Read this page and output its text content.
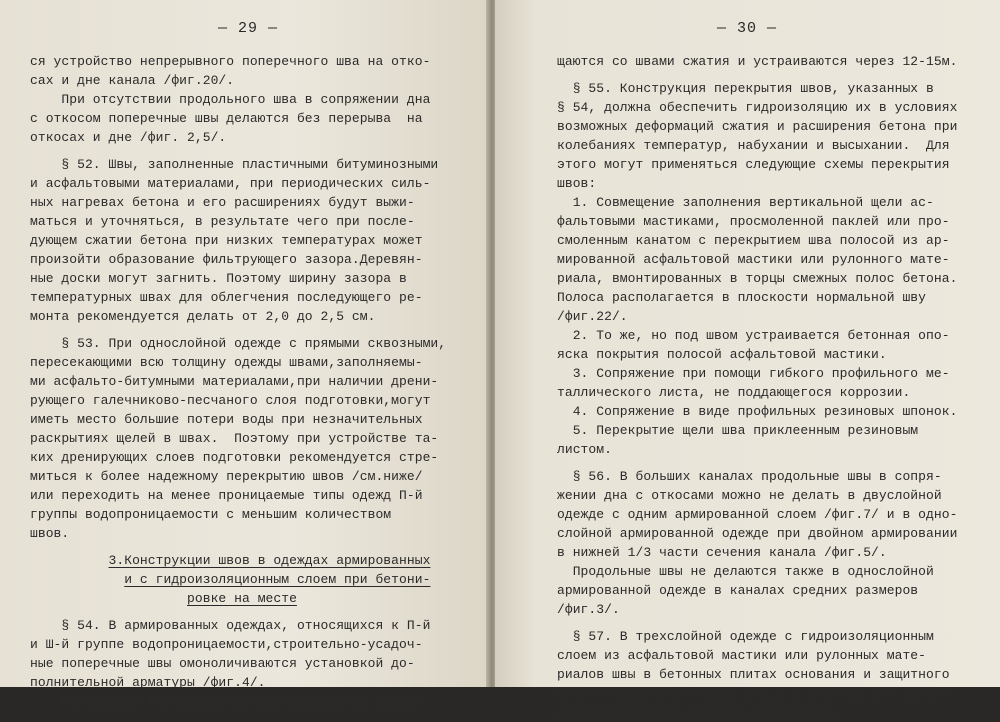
— 29 —
ся устройство непрерывного поперечного шва на отко-
сах и дне канала /фиг.20/.
При отсутствии продольного шва в сопряжении дна
с откосом поперечные швы делаются без перерыва  на
откосах и дне /фиг. 2,5/.
§ 52. Швы, заполненные пластичными битуминозными
и асфальтовыми материалами, при периодических силь-
ных нагревах бетона и его расширениях будут выжи-
маться и уточняться, в результате чего при после-
дующем сжатии бетона при низких температурах может
произойти образование фильтрующего зазора.Деревян-
ные доски могут загнить. Поэтому ширину зазора в
температурных швах для облегчения последующего ре-
монта рекомендуется делать от 2,0 до 2,5 см.
§ 53. При однослойной одежде с прямыми сквозными,
пересекающими всю толщину одежды швами,заполняемы-
ми асфальто-битумными материалами,при наличии дрени-
рующего галечниково-песчаного слоя подготовки,могут
иметь место большие потери воды при незначительных
раскрытиях щелей в швах.  Поэтому при устройстве та-
ких дренирующих слоев подготовки рекомендуется стре-
миться к более надежному перекрытию швов /см.ниже/
или переходить на менее проницаемые типы одежд П-й
группы водопроницаемости с меньшим количеством
швов.
3.Конструкции швов в одеждах армированных
и с гидроизоляционным слоем при бетони-
ровке на месте
§ 54. В армированных одеждах, относящихся к П-й
и Ш-й группе водопроницаемости,строительно-усадоч-
ные поперечные швы омоноличиваются установкой до-
полнительной арматуры /фиг.4/.
Поперечные температурные швы расширения совме-
— 30 —
щаются со швами сжатия и устраиваются через 12-15м.
§ 55. Конструкция перекрытия швов, указанных в
§ 54, должна обеспечить гидроизоляцию их в условиях
возможных деформаций сжатия и расширения бетона при
колебаниях температур, набухании и высыхании.  Для
этого могут применяться следующие схемы перекрытия
швов:
1. Совмещение заполнения вертикальной щели ас-
фальтовыми мастиками, просмоленной паклей или про-
смоленным канатом с перекрытием шва полосой из ар-
мированной асфальтовой мастики или рулонного мате-
риала, вмонтированных в торцы смежных полос бетона.
Полоса располагается в плоскости нормальной шву
/фиг.22/.
2. То же, но под швом устраивается бетонная опо-
яска покрытия полосой асфальтовой мастики.
3. Сопряжение при помощи гибкого профильного ме-
таллического листа, не поддающегося коррозии.
4. Сопряжение в виде профильных резиновых шпонок.
5. Перекрытие щели шва приклеенным резиновым
листом.
§ 56. В больших каналах продольные швы в сопря-
жении дна с откосами можно не делать в двуслойной
одежде с одним армированной слоем /фиг.7/ и в одно-
слойной армированной одежде при двойном армировании
в нижней 1/3 части сечения канала /фиг.5/.
Продольные швы не делаются также в однослойной
армированной одежде в каналах средних размеров
/фиг.3/.
§ 57. В трехслойной одежде с гидроизоляционным
слоем из асфальтовой мастики или рулонных мате-
риалов швы в бетонных плитах основания и защитного
слоя устраиваются через 2-2,5 м впритык или запол-
няются пластично-упругим материалом.
